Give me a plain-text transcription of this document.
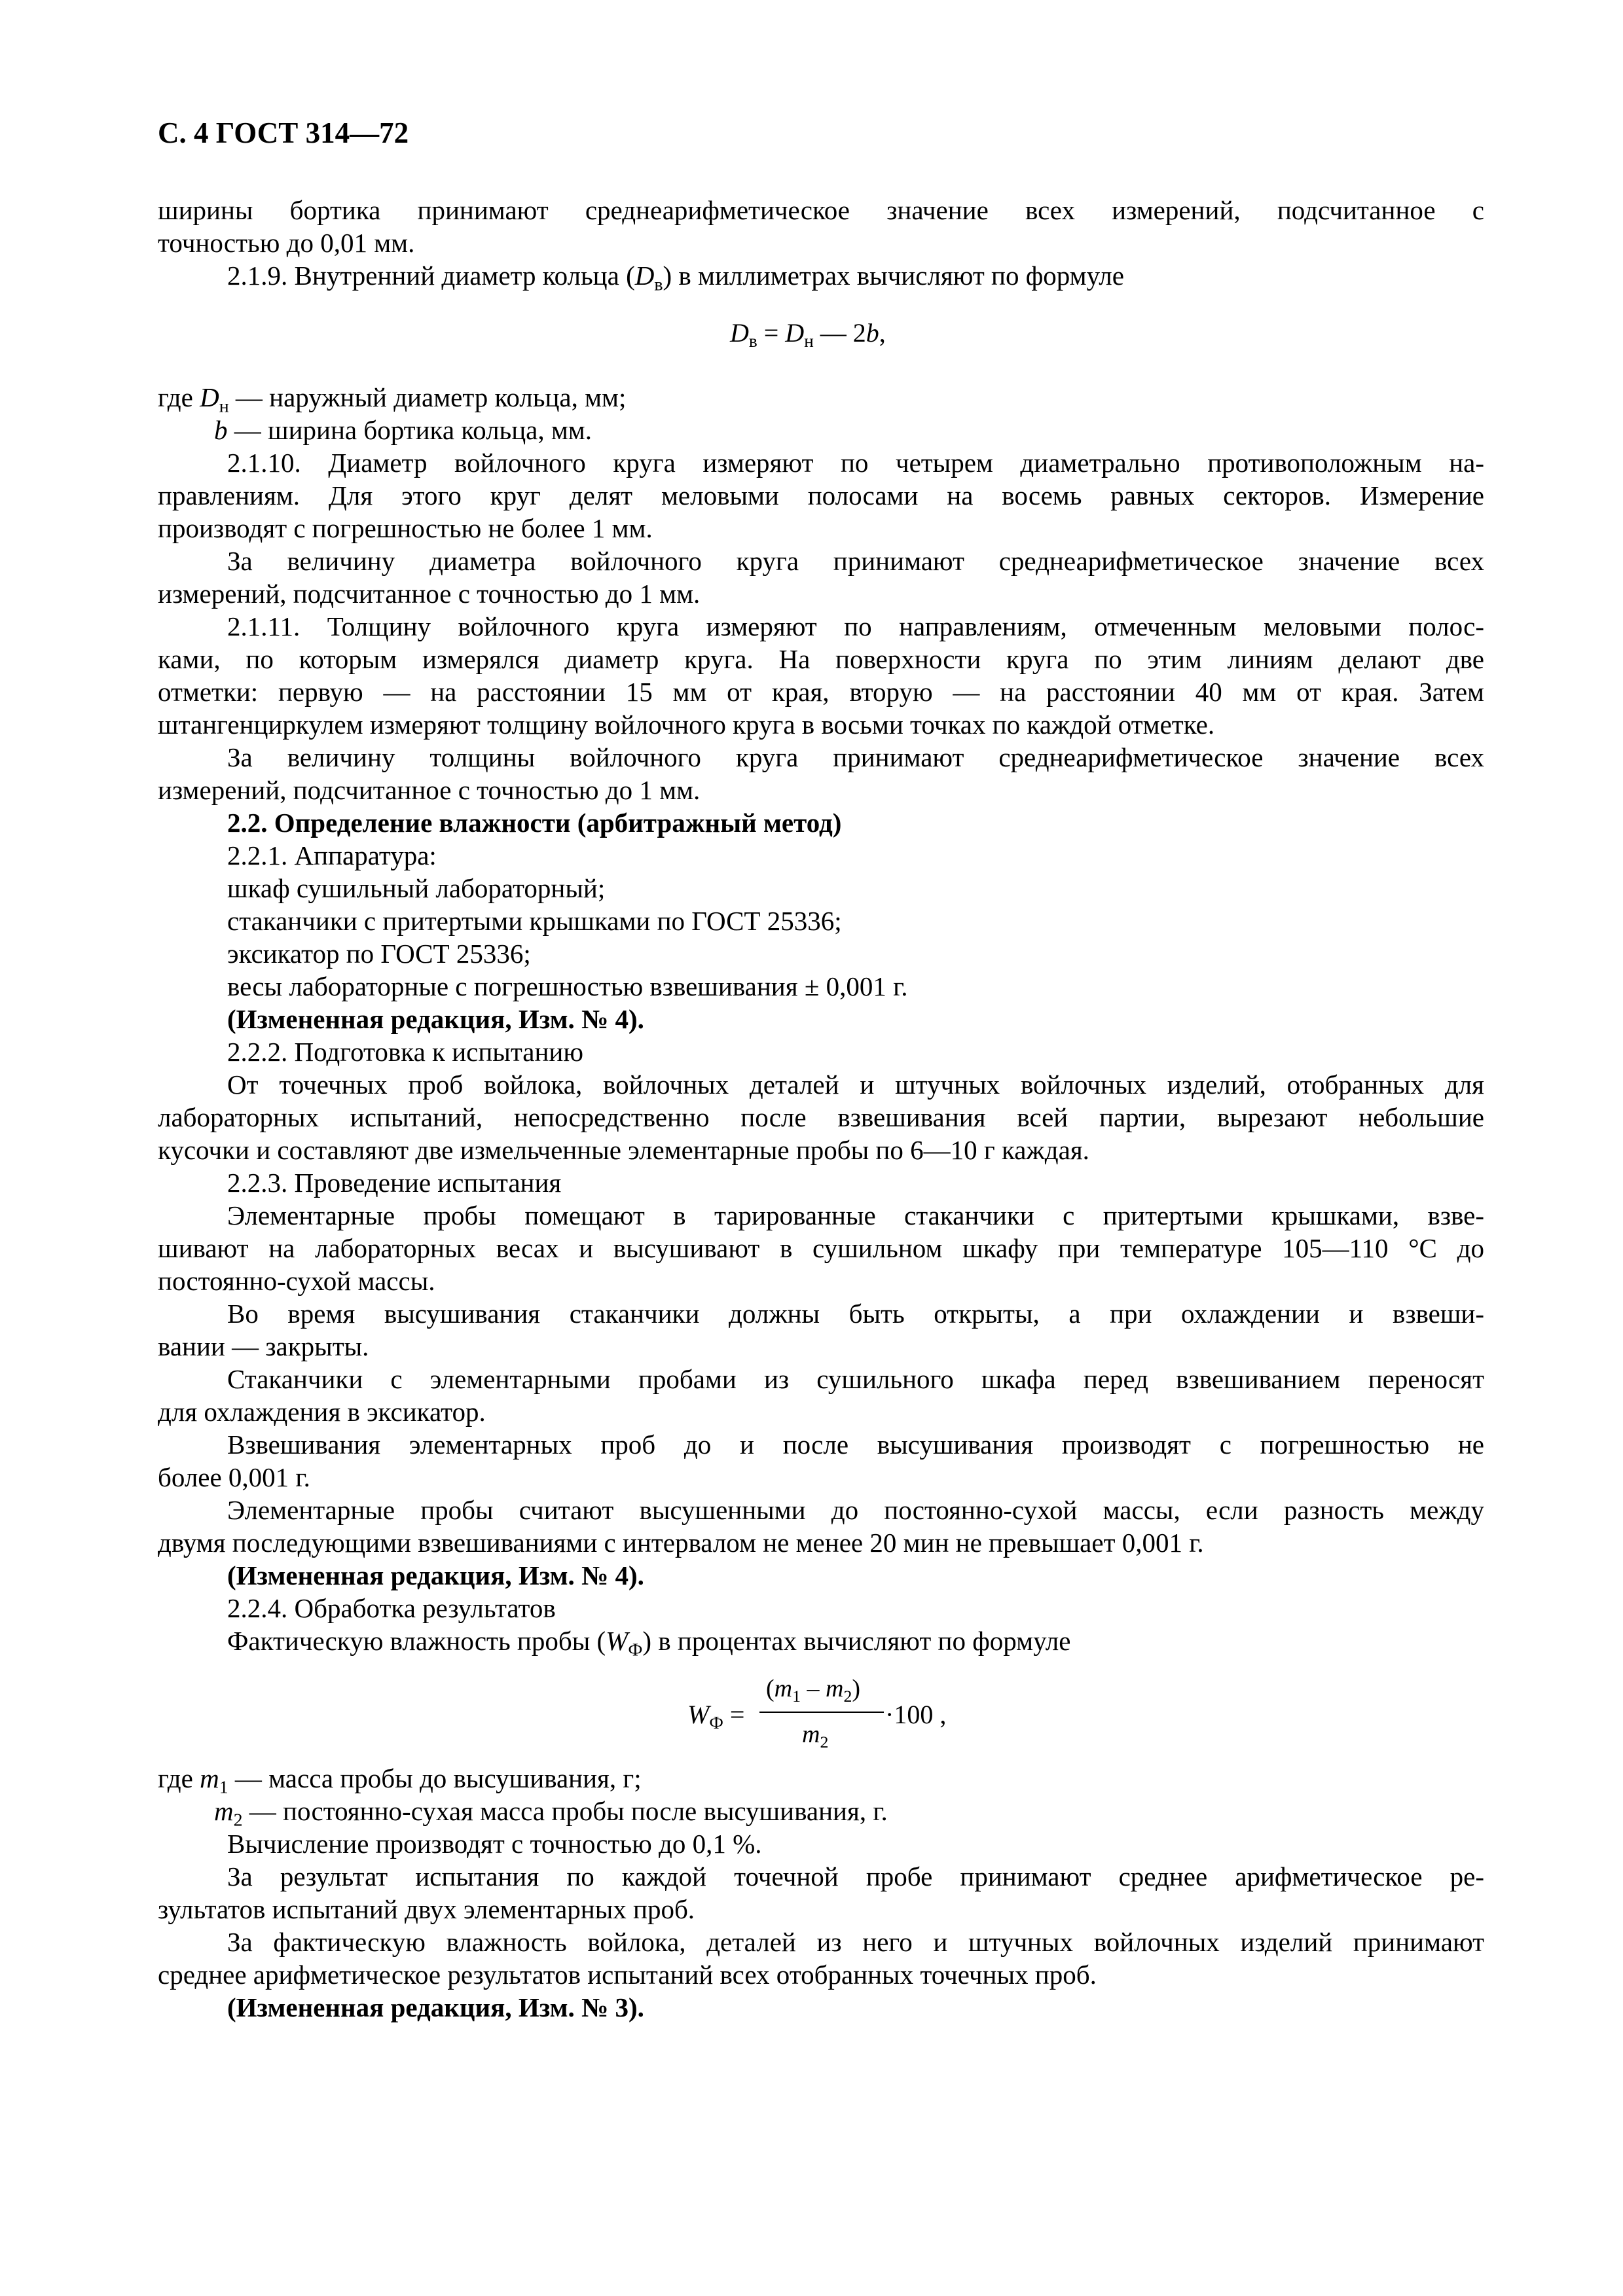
С. 4 ГОСТ 314—72
ширины бортика принимают среднеарифметическое значение всех измерений, подсчитанное с
точностью до 0,01 мм.
2.1.9. Внутренний диаметр кольца $(D_в)$ в миллиметрах вычисляют по формуле
$D_в = D_н$ — 2b,
где $D_н$ — наружный диаметр кольца, мм;
b — ширина бортика кольца, мм.
2.1.10. Диаметр войлочного круга измеряют по четырем диаметрально противоположным на-
правлениям. Для этого круг делят меловыми полосами на восемь равных секторов. Измерение
производят с погрешностью не более 1 мм.
За величину диаметра войлочного круга принимают среднеарифметическое значение всех
измерений, подсчитанное с точностью до 1 мм.
2.1.11. Толщину войлочного круга измеряют по направлениям, отмеченным меловыми полос-
ками, по которым измерялся диаметр круга. На поверхности круга по этим линиям делают две
отметки: первую — на расстоянии 15 мм от края, вторую — на расстоянии 40 мм от края. Затем
штангенциркулем измеряют толщину войлочного круга в восьми точках по каждой отметке.
За величину толщины войлочного круга принимают среднеарифметическое значение всех
измерений, подсчитанное с точностью до 1 мм.
2.2. Определение влажности (арбитражный метод)
2.2.1. Аппаратура:
шкаф сушильный лабораторный;
стаканчики с притертыми крышками по ГОСТ 25336;
эксикатор по ГОСТ 25336;
весы лабораторные с погрешностью взвешивания ± 0,001 г.
(Измененная редакция, Изм. № 4).
2.2.2. Подготовка к испытанию
От точечных проб войлока, войлочных деталей и штучных войлочных изделий, отобранных для
лабораторных испытаний, непосредственно после взвешивания всей партии, вырезают небольшие
кусочки и составляют две измельченные элементарные пробы по 6—10 г каждая.
2.2.3. Проведение испытания
Элементарные пробы помещают в тарированные стаканчики с притертыми крышками, взве-
шивают на лабораторных весах и высушивают в сушильном шкафу при температуре 105—110 °С до
постоянно-сухой массы.
Во время высушивания стаканчики должны быть открыты, а при охлаждении и взвеши-
вании — закрыты.
Стаканчики с элементарными пробами из сушильного шкафа перед взвешиванием переносят
для охлаждения в эксикатор.
Взвешивания элементарных проб до и после высушивания производят с погрешностью не
более 0,001 г.
Элементарные пробы считают высушенными до постоянно-сухой массы, если разность между
двумя последующими взвешиваниями с интервалом не менее 20 мин не превышает 0,001 г.
(Измененная редакция, Изм. № 4).
2.2.4. Обработка результатов
Фактическую влажность пробы $(W_Ф)$ в процентах вычисляют по формуле
$W_Ф$ =
$(m_1 - m_2)$
$m_2$
·100 ,
где $m_1$ — масса пробы до высушивания, г;
$m_2$ — постоянно-сухая масса пробы после высушивания, г.
Вычисление производят с точностью до 0,1 %.
За результат испытания по каждой точечной пробе принимают среднее арифметическое ре-
зультатов испытаний двух элементарных проб.
За фактическую влажность войлока, деталей из него и штучных войлочных изделий принимают
среднее арифметическое результатов испытаний всех отобранных точечных проб.
(Измененная редакция, Изм. № 3).
